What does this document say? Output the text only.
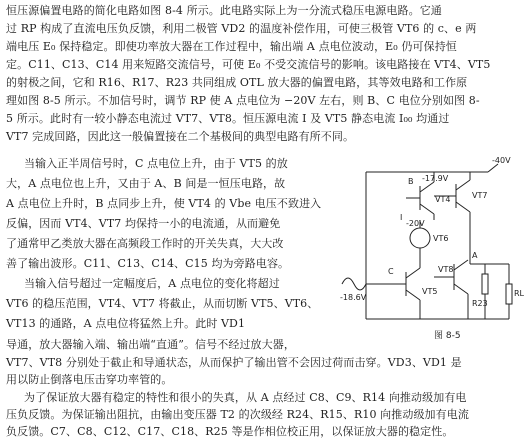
恒压源偏置电路的简化电路如图 8-4 所示。此电路实际上为一分流式稳压电源电路。它通
过 RP 构成了直流电压负反馈，利用二极管 VD2 的温度补偿作用，可使三极管 VT6 的 c、e 两
端电压 E₀ 保持稳定。即使功率放大器在工作过程中，输出端 A 点电位波动，E₀ 仍可保持恒
定。C11、C13、C14 用来短路交流信号，可使 E₀ 不受交流信号的影响。该电路接在 VT4、VT5
的射极之间，它和 R16、R17、R23 共同组成 OTL 放大器的偏置电路，其等效电路和工作原
理如图 8-5 所示。不加信号时，调节 RP 使 A 点电位为 −20V 左右，则 B、C 电位分别如图 8-
5 所示。此时有一较小静态电流过 VT7、VT8。恒压源电流 I 及 VT5 静态电流 I₀₀ 均通过
VT7 完成回路，因此这一般偏置接在二个基极间的典型电路有所不同。
当输入正半周信号时，C 点电位上升，由于 VT5 的放
大，A 点电位也上升，又由于 A、B 间是一恒压电路，故
A 点电位上升时，B 点同步上升，使 VT4 的 Vbe 电压不致进入
反偏，因而 VT4、VT7 均保持一小的电流通，从而避免
了通常甲乙类放大器在高频段工作时的开关失真，大大改
善了输出波形。C11、C13、C14、C15 均为旁路电容。
当输入信号超过一定幅度后，A 点电位的变化将超过
VT6 的稳压范围，VT4、VT7 将截止，从而切断 VT5、VT6、
VT13 的通路，A 点电位将猛然上升。此时 VD1
导通，放大器输入端、输出端“直通”。信号不经过放大器，
VT7、VT8 分别处于截止和导通状态，从而保护了输出管不会因过荷而击穿。VD3、VD1 是
用以防止倒落电压击穿功率管的。
为了保证放大器有稳定的特性和很小的失真，从 A 点经过 C8、C9、R14 向推动级加有电
压负反馈。为保证输出阻抗，由输出变压器 T2 的次级经 R24、R15、R10 向推动级加有电流
负反馈。C7、C8、C12、C17、C18、R25 等是作相位校正用，以保证放大器的稳定性。
-40V
B -17.9V
VT4
I
-20V
VT6
A
VT7
C
-18.6V
VT5
VT8
R23
RL
图 8-5
